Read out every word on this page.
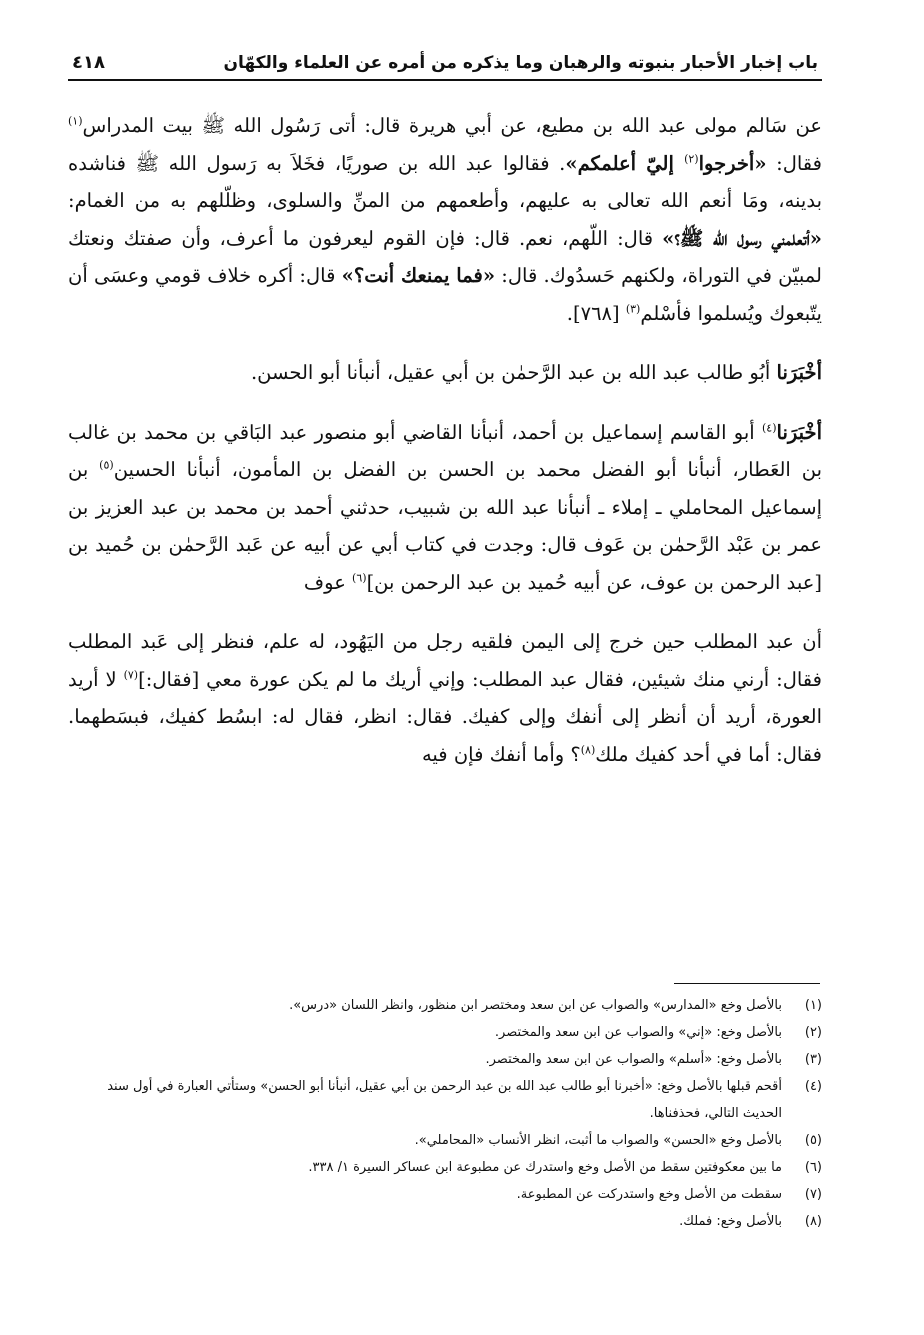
باب إخبار الأحبار بنبوته والرهبان وما يذكره من أمره عن العلماء والكهّان
٤١٨

عن سَالم مولى عبد الله بن مطيع، عن أبي هريرة قال: أتى رَسُول الله ﷺ بيت المدراس$^{(١)}$ فقال: «أخرجوا$^{(٢)}$ إليّ أعلمكم». فقالوا عبد الله بن صوريًا، فخَلاَ به رَسول الله ﷺ فناشده بدينه، ومَا أنعم الله تعالى به عليهم، وأطعمهم من المنِّ والسلوى، وظلّلهم به من الغمام: «أتعلمني رسول الله ﷺ؟» قال: اللّهم، نعم. قال: فإن القوم ليعرفون ما أعرف، وأن صفتك ونعتك لمبيّن في التوراة، ولكنهم حَسدُوك. قال: «فما يمنعك أنت؟» قال: أكره خلاف قومي وعسَى أن يتّبعوك ويُسلموا فأسْلم$^{(٣)}$ [٧٦٨].

أخْبَرَنا أبُو طالب عبد الله بن عبد الرَّحمٰن بن أبي عقيل، أنبأنا أبو الحسن.

أخْبَرَنا$^{(٤)}$ أبو القاسم إسماعيل بن أحمد، أنبأنا القاضي أبو منصور عبد البَاقي بن محمد بن غالب بن العَطار، أنبأنا أبو الفضل محمد بن الحسن بن الفضل بن المأمون، أنبأنا الحسين$^{(٥)}$ بن إسماعيل المحاملي ـ إملاء ـ أنبأنا عبد الله بن شبيب، حدثني أحمد بن محمد بن عبد العزيز بن عمر بن عَبْد الرَّحمٰن بن عَوف قال: وجدت في كتاب أبي عن أبيه عن عَبد الرَّحمٰن بن حُميد بن [عبد الرحمن بن عوف، عن أبيه حُميد بن عبد الرحمن بن]$^{(٦)}$ عوف

أن عبد المطلب حين خرج إلى اليمن فلقيه رجل من اليَهُود، له علم، فنظر إلى عَبد المطلب فقال: أرني منك شيئين، فقال عبد المطلب: وإني أريك ما لم يكن عورة معي [فقال:]$^{(٧)}$ لا أريد العورة، أريد أن أنظر إلى أنفك وإلى كفيك. فقال: انظر، فقال له: ابسُط كفيك، فبسَطهما. فقال: أما في أحد كفيك ملك$^{(٨)}$؟ وأما أنفك فإن فيه

(١)
بالأصل وخع «المدارس» والصواب عن ابن سعد ومختصر ابن منظور، وانظر اللسان «درس».
(٢)
بالأصل وخع: «إني» والصواب عن ابن سعد والمختصر.
(٣)
بالأصل وخع: «أسلم» والصواب عن ابن سعد والمختصر.
(٤)
أقحم قبلها بالأصل وخع: «أخبرنا أبو طالب عبد الله بن عبد الرحمن بن أبي عقيل، أنبأنا أبو الحسن» وستأتي العبارة في أول سند الحديث التالي، فحذفناها.
(٥)
بالأصل وخع «الحسن» والصواب ما أثبت، انظر الأنساب «المحاملي».
(٦)
ما بين معكوفتين سقط من الأصل وخع واستدرك عن مطبوعة ابن عساكر السيرة ١/ ٣٣٨.
(٧)
سقطت من الأصل وخع واستدركت عن المطبوعة.
(٨)
بالأصل وخع: فملك.
